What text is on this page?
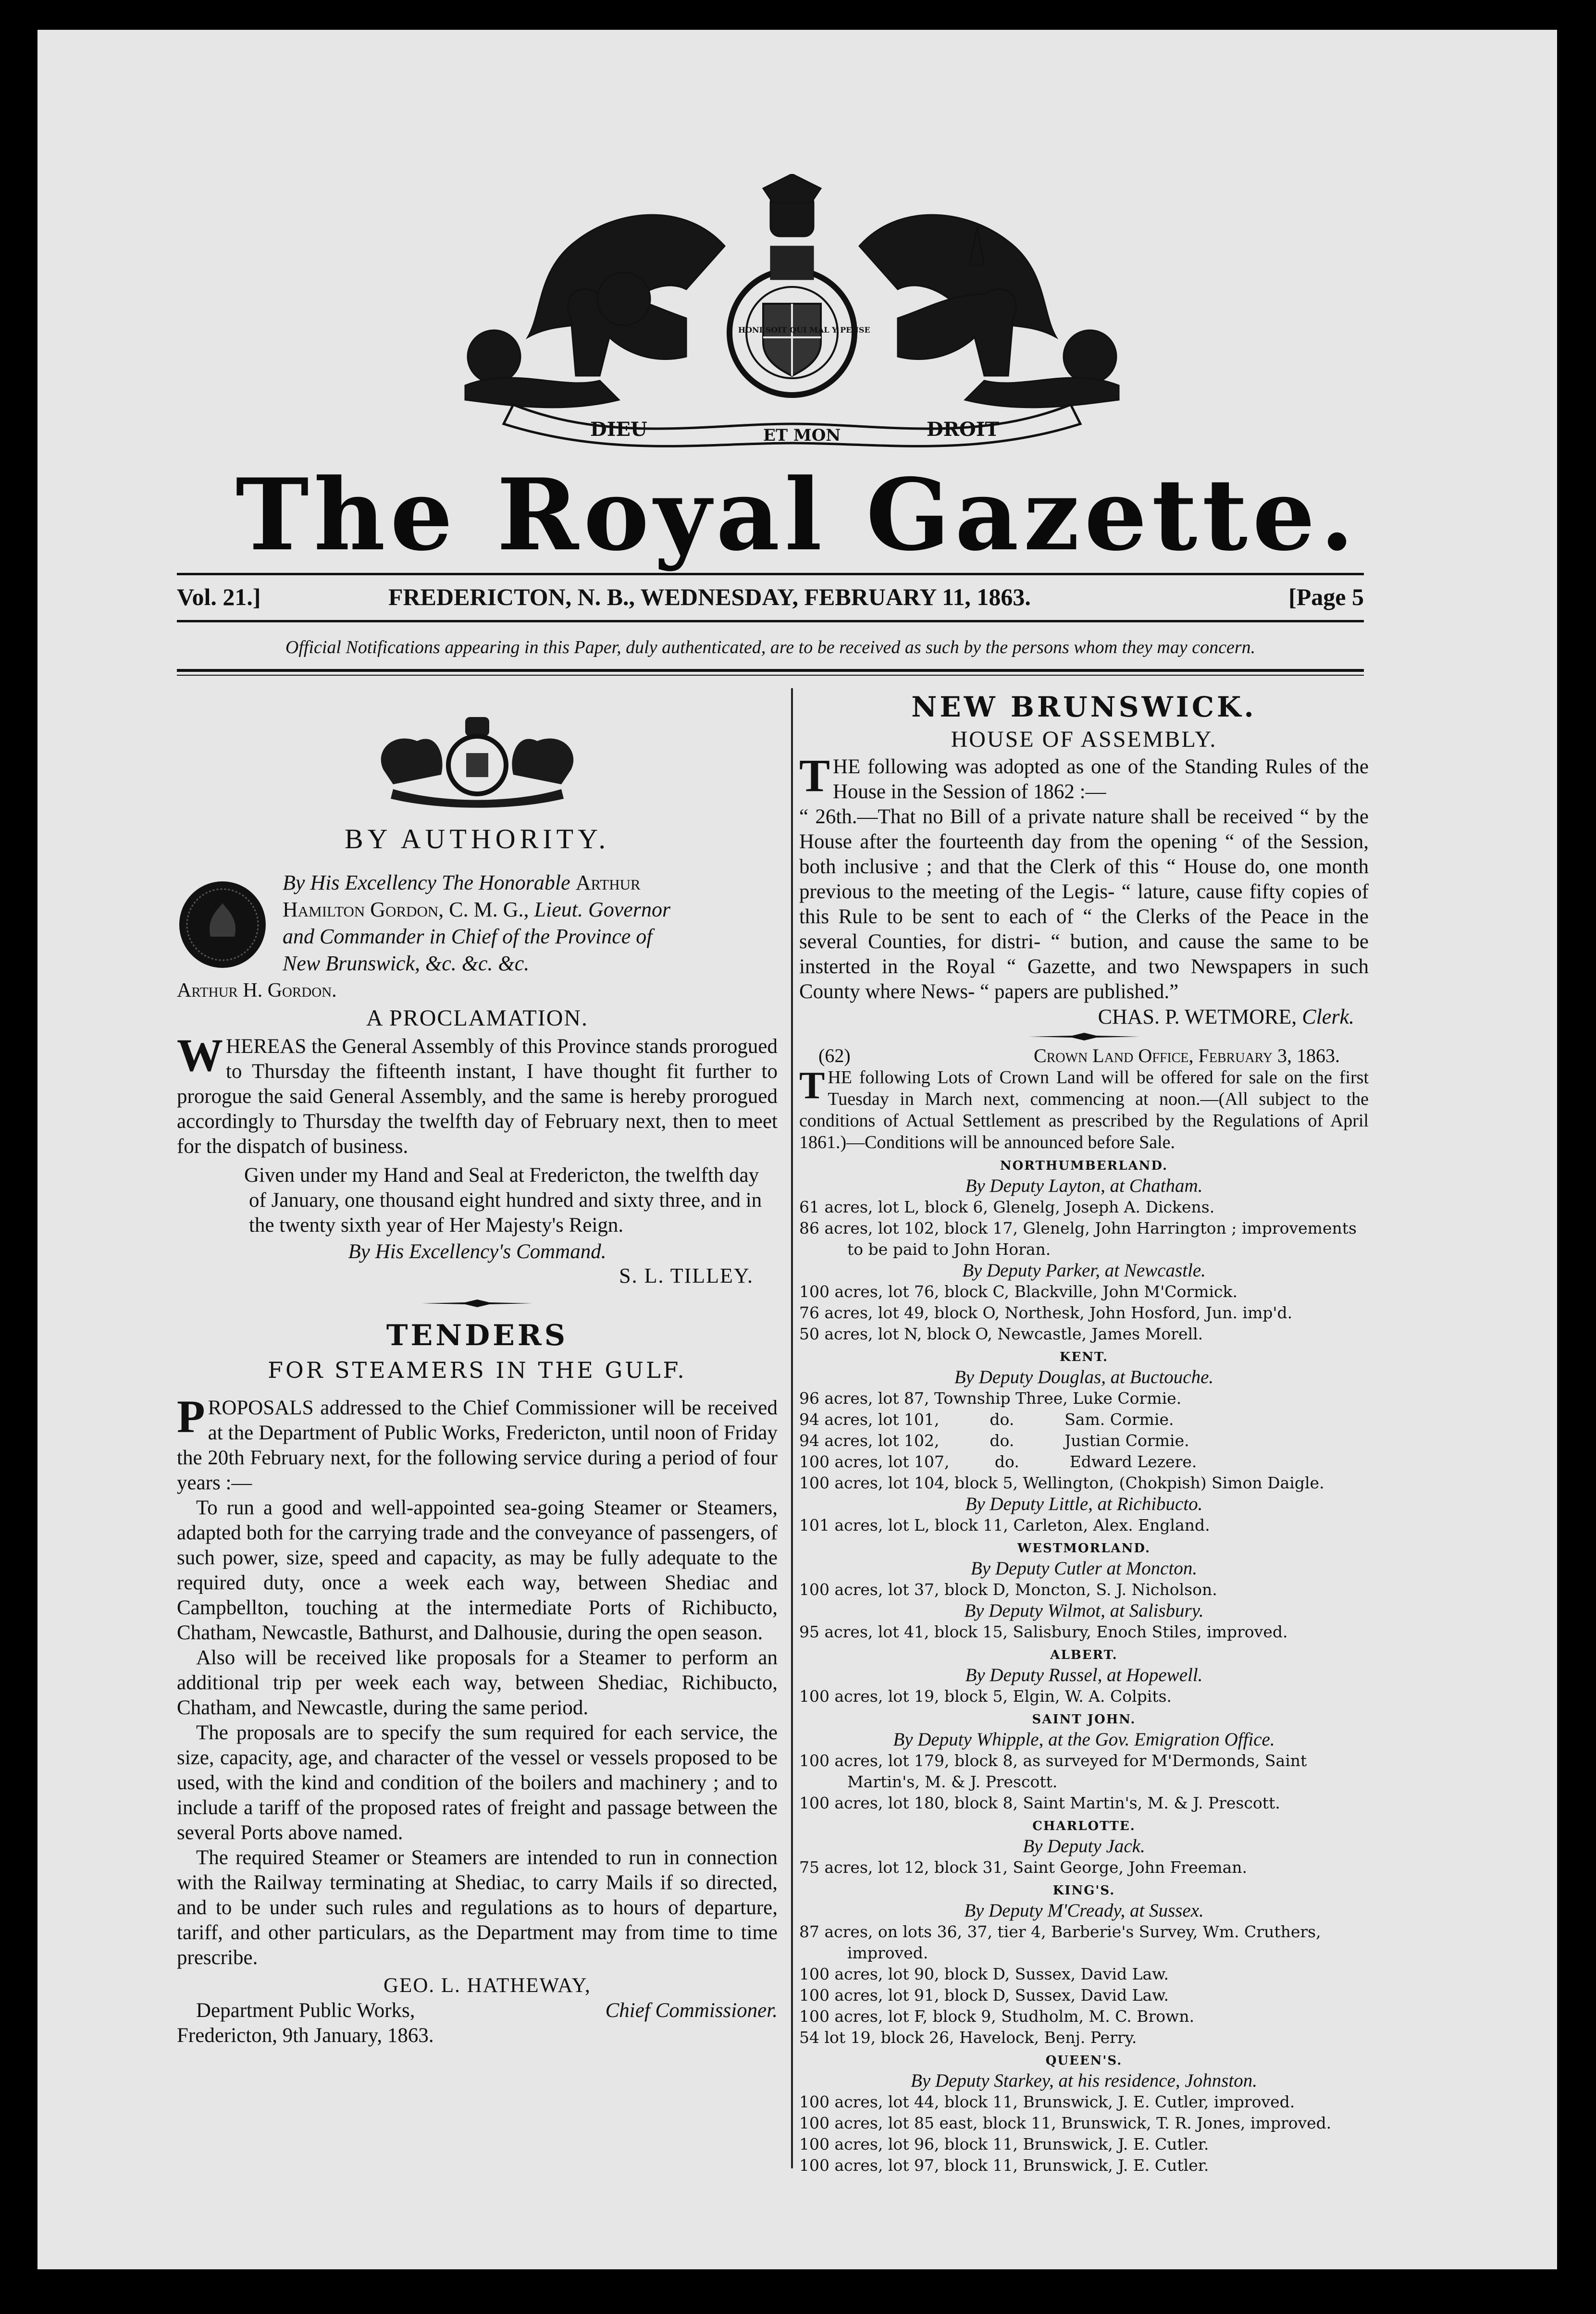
DIEU	ET MON	DROIT
HONI SOIT QUI MAL Y PENSE
The Royal Gazette.
Vol. 21.]	FREDERICTON, N. B., WEDNESDAY, FEBRUARY 11, 1863.	[Page 5
Official Notifications appearing in this Paper, duly authenticated, are to be received as such by the persons whom they may concern.
BY AUTHORITY.
By His Excellency The Honorable Arthur
Hamilton Gordon, C. M. G., Lieut. Governor
and Commander in Chief of the Province of
New Brunswick, &c. &c. &c.
Arthur H. Gordon.
A PROCLAMATION.

WHEREAS the General Assembly of this Province stands prorogued to Thursday the fifteenth instant, I have thought fit further to prorogue the said General Assembly, and the same is hereby prorogued accordingly to Thursday the twelfth day of February next, then to meet for the dispatch of business.

Given under my Hand and Seal at Fredericton, the twelfth day of January, one thousand eight hundred and sixty three, and in the twenty sixth year of Her Majesty's Reign.
By His Excellency's Command.
S. L. TILLEY.
TENDERS
FOR STEAMERS IN THE GULF.

PROPOSALS addressed to the Chief Commissioner will be received at the Department of Public Works, Fredericton, until noon of Friday the 20th February next, for the following service during a period of four years :—

To run a good and well-appointed sea-going Steamer or Steamers, adapted both for the carrying trade and the conveyance of passengers, of such power, size, speed and capacity, as may be fully adequate to the required duty, once a week each way, between Shediac and Campbellton, touching at the intermediate Ports of Richibucto, Chatham, Newcastle, Bathurst, and Dalhousie, during the open season.

Also will be received like proposals for a Steamer to perform an additional trip per week each way, between Shediac, Richibucto, Chatham, and Newcastle, during the same period.

The proposals are to specify the sum required for each service, the size, capacity, age, and character of the vessel or vessels proposed to be used, with the kind and condition of the boilers and machinery ; and to include a tariff of the proposed rates of freight and passage between the several Ports above named.

The required Steamer or Steamers are intended to run in connection with the Railway terminating at Shediac, to carry Mails if so directed, and to be under such rules and regulations as to hours of departure, tariff, and other particulars, as the Department may from time to time prescribe.

GEO. L. HATHEWAY,
Department Public Works,	Chief Commissioner.
Fredericton, 9th January, 1863.
NEW BRUNSWICK.
HOUSE OF ASSEMBLY.

THE following was adopted as one of the Standing Rules of the House in the Session of 1862 :—

“ 26th.—That no Bill of a private nature shall be received “ by the House after the fourteenth day from the opening “ of the Session, both inclusive ; and that the Clerk of this “ House do, one month previous to the meeting of the Legis- “ lature, cause fifty copies of this Rule to be sent to each of “ the Clerks of the Peace in the several Counties, for distri- “ bution, and cause the same to be insterted in the Royal “ Gazette, and two Newspapers in such County where News- “ papers are published.”

CHAS. P. WETMORE, Clerk.
(62)	Crown Land Office, February 3, 1863.

THE following Lots of Crown Land will be offered for sale on the first Tuesday in March next, commencing at noon.—(All subject to the conditions of Actual Settlement as prescribed by the Regulations of April 1861.)—Conditions will be announced before Sale.

NORTHUMBERLAND.
By Deputy Layton, at Chatham.
61 acres, lot L, block 6, Glenelg, Joseph A. Dickens.
86 acres, lot 102, block 17, Glenelg, John Harrington ; improvements to be paid to John Horan.
By Deputy Parker, at Newcastle.
100 acres, lot 76, block C, Blackville, John M'Cormick.
76 acres, lot 49, block O, Northesk, John Hosford, Jun. imp'd.
50 acres, lot N, block O, Newcastle, James Morell.
KENT.
By Deputy Douglas, at Buctouche.
96 acres, lot 87, Township Three, Luke Cormie.
94 acres, lot 101,          do.          Sam. Cormie.
94 acres, lot 102,          do.          Justian Cormie.
100 acres, lot 107,         do.          Edward Lezere.
100 acres, lot 104, block 5, Wellington, (Chokpish) Simon Daigle.
By Deputy Little, at Richibucto.
101 acres, lot L, block 11, Carleton, Alex. England.
WESTMORLAND.
By Deputy Cutler at Moncton.
100 acres, lot 37, block D, Moncton, S. J. Nicholson.
By Deputy Wilmot, at Salisbury.
95 acres, lot 41, block 15, Salisbury, Enoch Stiles, improved.
ALBERT.
By Deputy Russel, at Hopewell.
100 acres, lot 19, block 5, Elgin, W. A. Colpits.
SAINT JOHN.
By Deputy Whipple, at the Gov. Emigration Office.
100 acres, lot 179, block 8, as surveyed for M'Dermonds, Saint Martin's, M. & J. Prescott.
100 acres, lot 180, block 8, Saint Martin's, M. & J. Prescott.
CHARLOTTE.
By Deputy Jack.
75 acres, lot 12, block 31, Saint George, John Freeman.
KING'S.
By Deputy M'Cready, at Sussex.
87 acres, on lots 36, 37, tier 4, Barberie's Survey, Wm. Cruthers, improved.
100 acres, lot 90, block D, Sussex, David Law.
100 acres, lot 91, block D, Sussex, David Law.
100 acres, lot F, block 9, Studholm, M. C. Brown.
54 lot 19, block 26, Havelock, Benj. Perry.
QUEEN'S.
By Deputy Starkey, at his residence, Johnston.
100 acres, lot 44, block 11, Brunswick, J. E. Cutler, improved.
100 acres, lot 85 east, block 11, Brunswick, T. R. Jones, improved.
100 acres, lot 96, block 11, Brunswick, J. E. Cutler.
100 acres, lot 97, block 11, Brunswick, J. E. Cutler.
